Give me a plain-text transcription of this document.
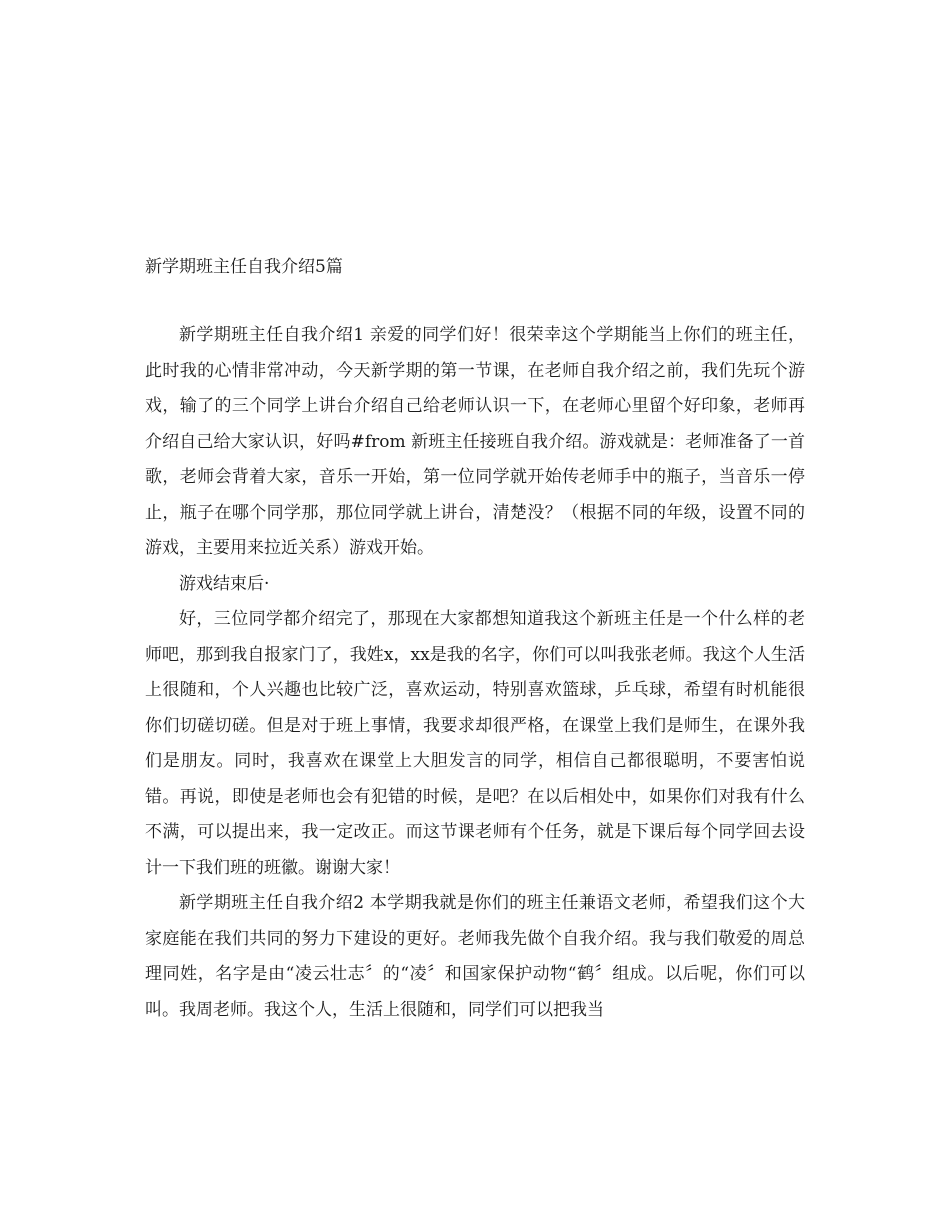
新学期班主任自我介绍5篇

新学期班主任自我介绍1 亲爱的同学们好！很荣幸这个学期能当上你们的班主任，此时我的心情非常冲动，今天新学期的第一节课，在老师自我介绍之前，我们先玩个游戏，输了的三个同学上讲台介绍自己给老师认识一下，在老师心里留个好印象，老师再介绍自己给大家认识，好吗#from 新班主任接班自我介绍。游戏就是：老师准备了一首歌，老师会背着大家，音乐一开始，第一位同学就开始传老师手中的瓶子，当音乐一停止，瓶子在哪个同学那，那位同学就上讲台，清楚没？（根据不同的年级，设置不同的游戏，主要用来拉近关系）游戏开始。

游戏结束后·

好，三位同学都介绍完了，那现在大家都想知道我这个新班主任是一个什么样的老师吧，那到我自报家门了，我姓x，xx是我的名字，你们可以叫我张老师。我这个人生活上很随和，个人兴趣也比较广泛，喜欢运动，特别喜欢篮球，乒乓球，希望有时机能很你们切磋切磋。但是对于班上事情，我要求却很严格，在课堂上我们是师生，在课外我们是朋友。同时，我喜欢在课堂上大胆发言的同学，相信自己都很聪明，不要害怕说错。再说，即使是老师也会有犯错的时候，是吧？在以后相处中，如果你们对我有什么不满，可以提出来，我一定改正。而这节课老师有个任务，就是下课后每个同学回去设计一下我们班的班徽。谢谢大家！

新学期班主任自我介绍2 本学期我就是你们的班主任兼语文老师，希望我们这个大家庭能在我们共同的努力下建设的更好。老师我先做个自我介绍。我与我们敬爱的周总理同姓，名字是由“凌云壮志〞的“凌〞和国家保护动物“鹤〞组成。以后呢，你们可以叫。我周老师。我这个人，生活上很随和，同学们可以把我当
